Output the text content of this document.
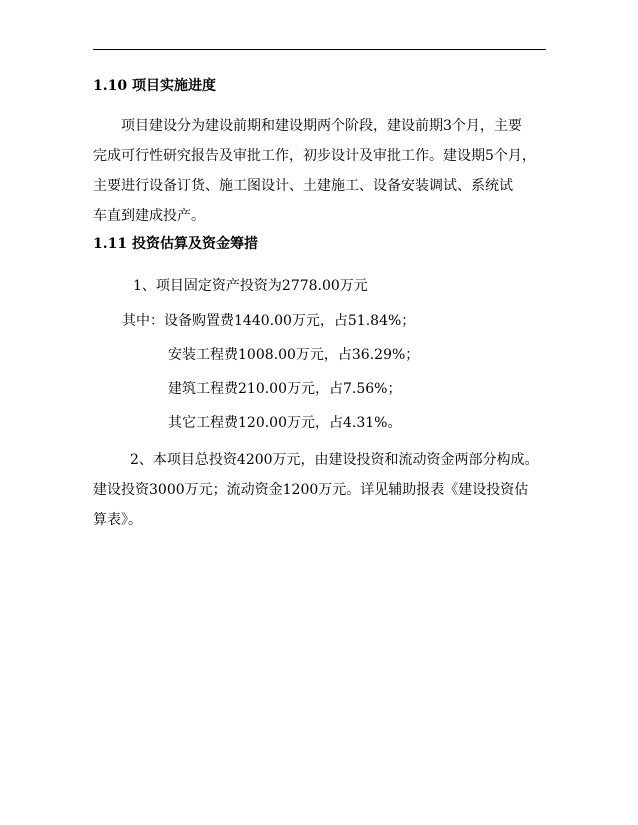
1.10 项目实施进度

项目建设分为建设前期和建设期两个阶段，建设前期3个月，主要

完成可行性研究报告及审批工作，初步设计及审批工作。建设期5个月，

主要进行设备订货、施工图设计、土建施工、设备安装调试、系统试

车直到建成投产。

1.11 投资估算及资金筹措
1、项目固定资产投资为2778.00万元
其中：设备购置费1440.00万元，占51.84%；
安装工程费1008.00万元，占36.29%；
建筑工程费210.00万元，占7.56%；
其它工程费120.00万元，占4.31%。

2、本项目总投资4200万元，由建设投资和流动资金两部分构成。

建设投资3000万元；流动资金1200万元。详见辅助报表《建设投资估

算表》。
